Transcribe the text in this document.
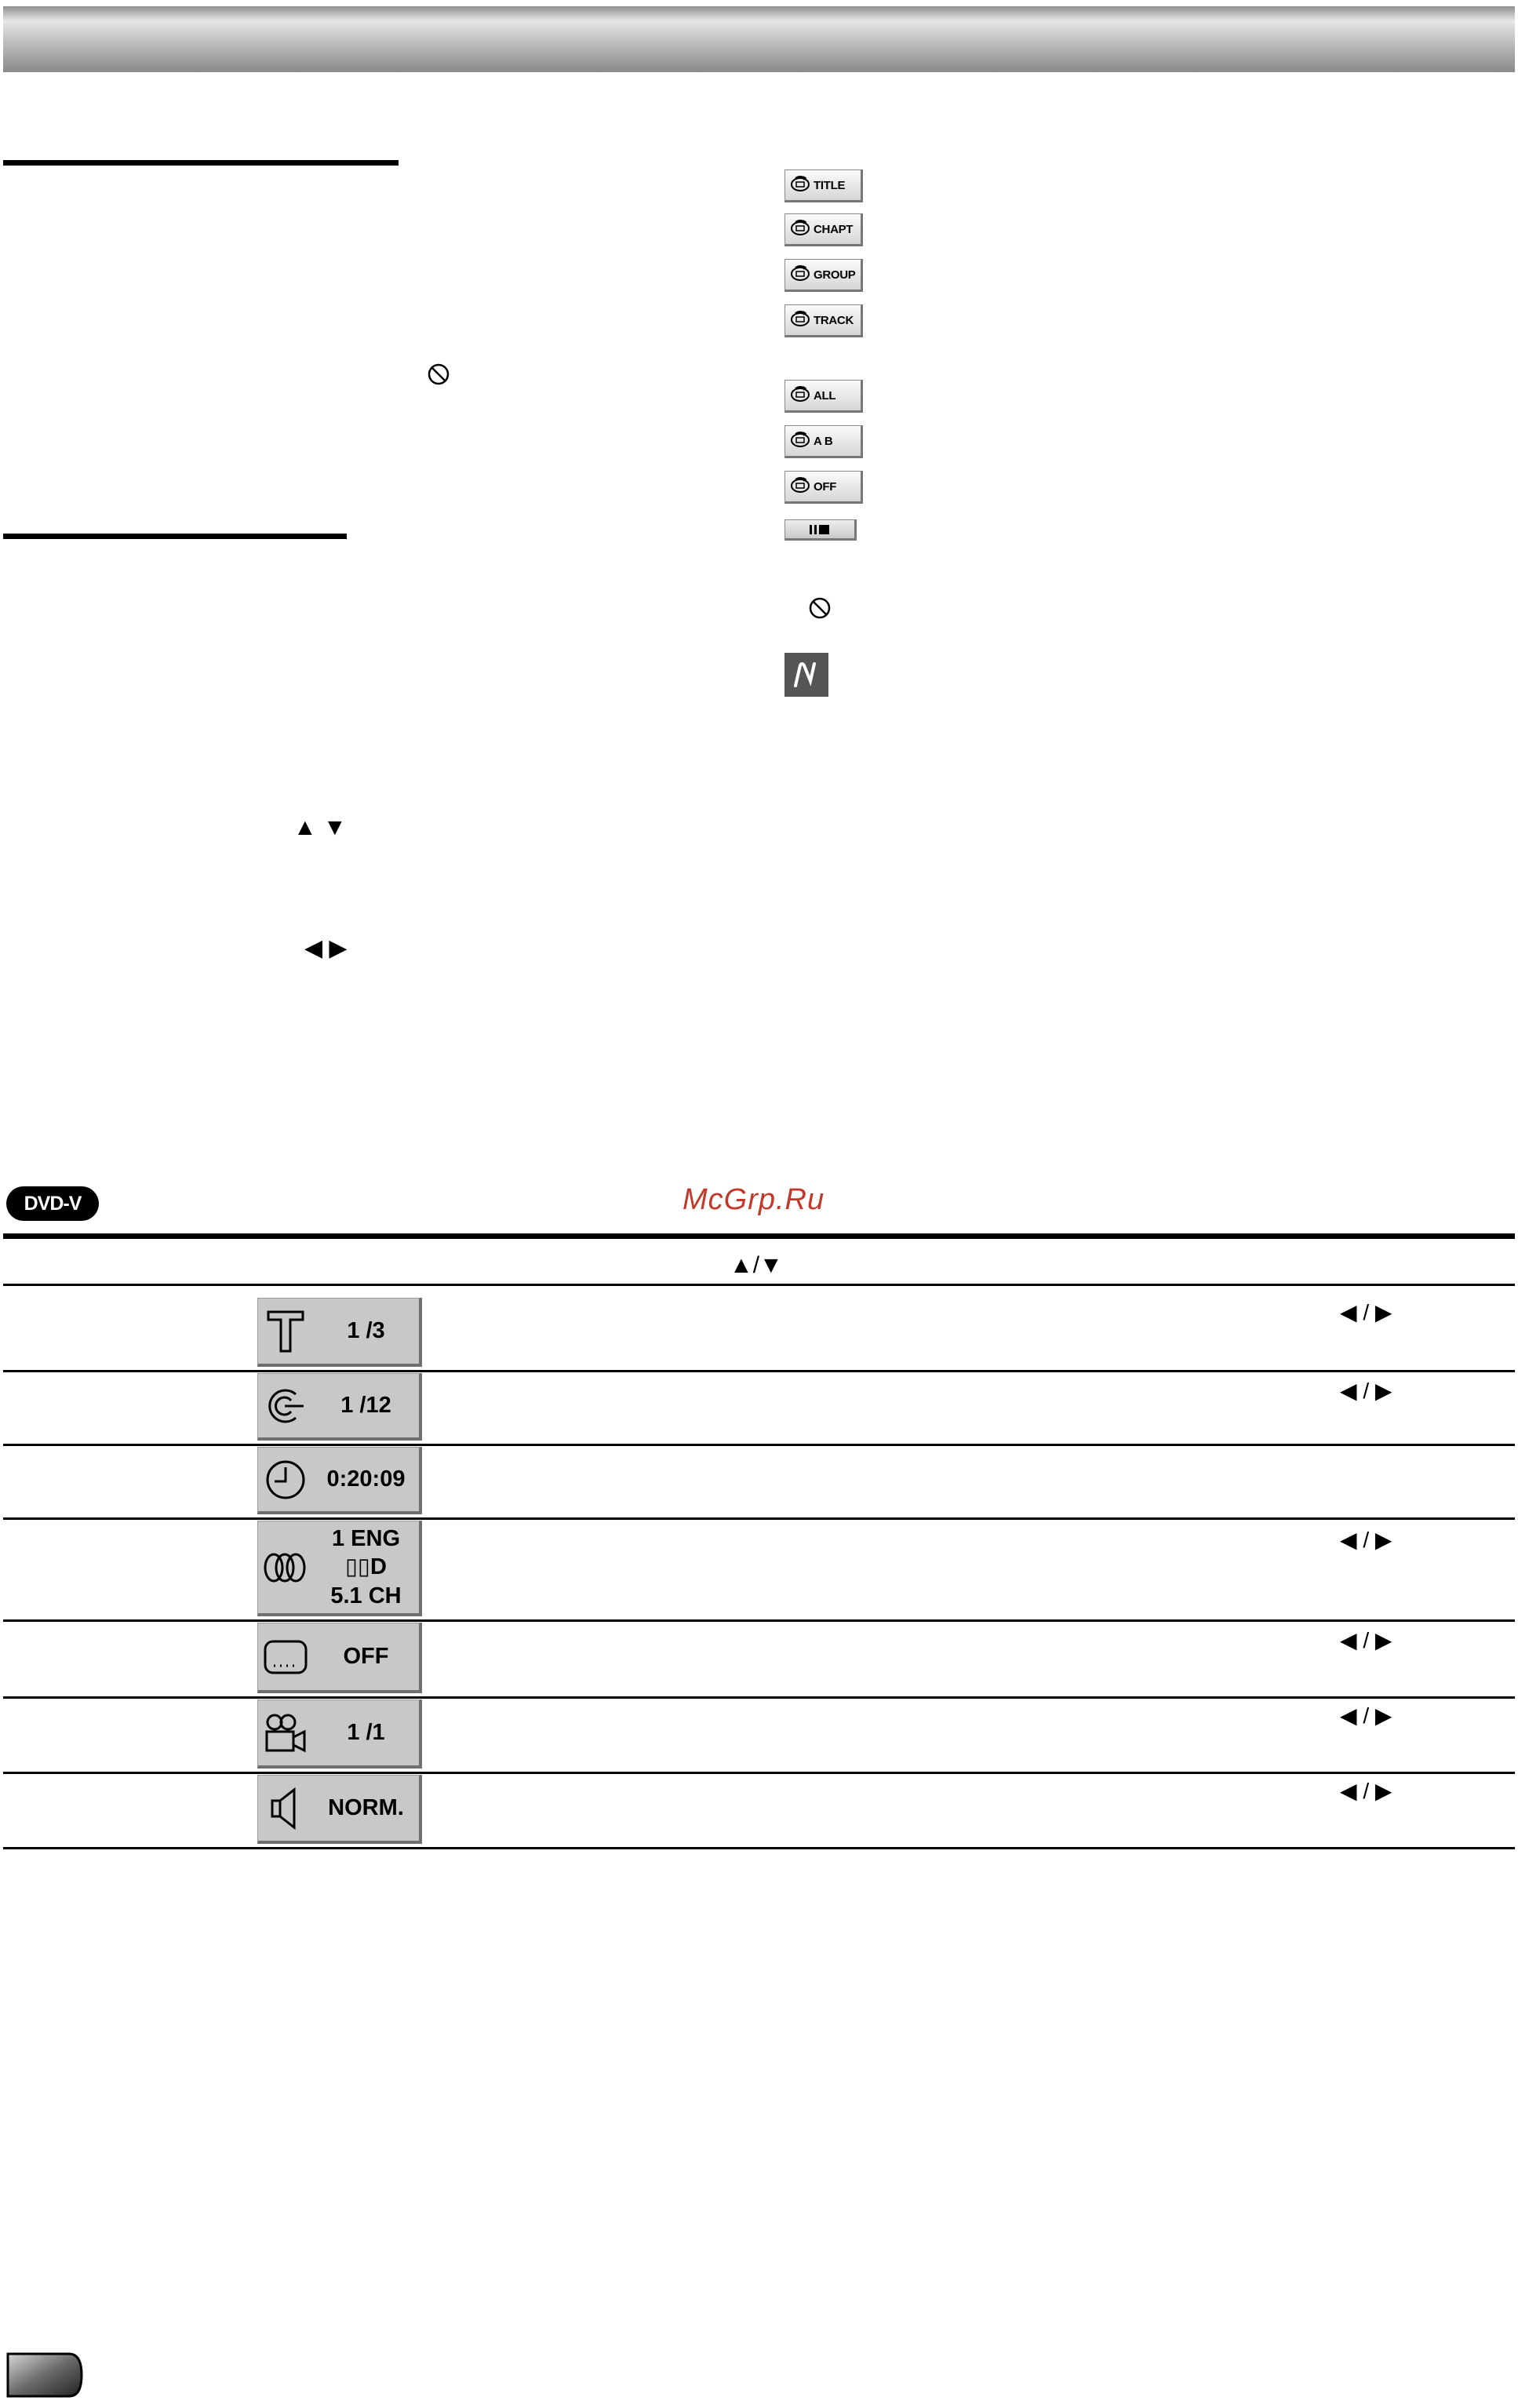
▲ ▼
◀ ▶
TITLE
CHAPT
GROUP
TRACK
ALL
A B
OFF
DVD-V	McGrp.Ru
▲/▼
1 /3
◀ / ▶
1 /12
◀ / ▶
0:20:09
1 ENG
▯▯D
5.1 CH
◀ / ▶
OFF
◀ / ▶
1 /1
◀ / ▶
NORM.
◀ / ▶
